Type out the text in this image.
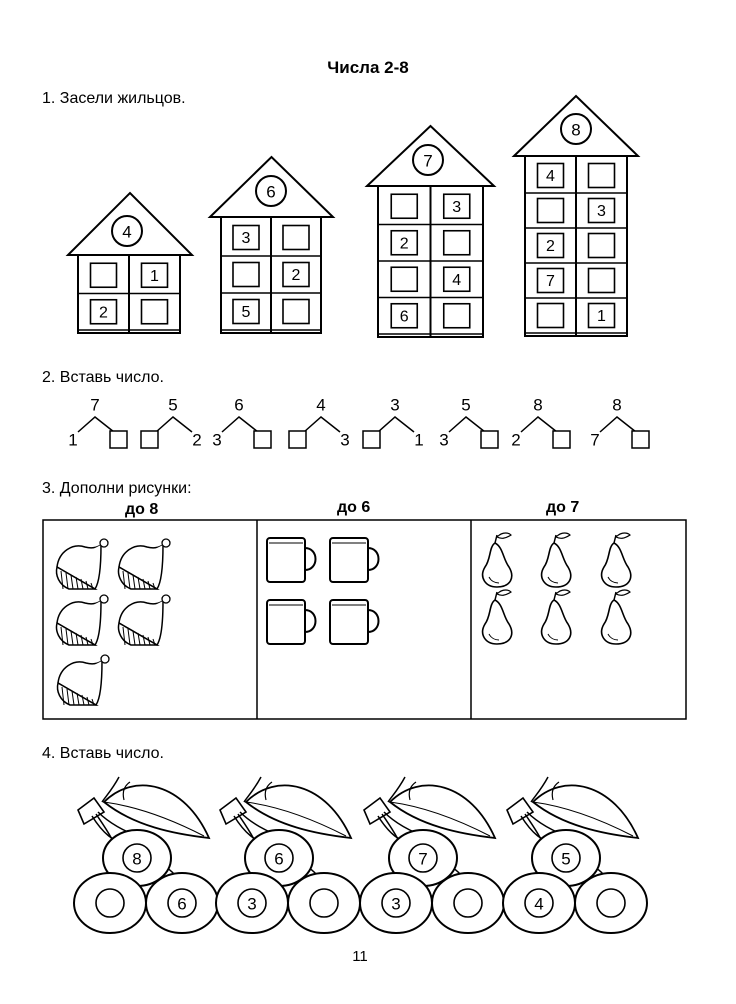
Числа 2-8
1. Засели жильцов.
1
2
4	3
2
5
6
3
2
4
6
7
4
3
2
7
1
8
2. Вставь число.
7
1
5
2
6
3
4
3
3
1
5
3
8
2
8
7
3. Дополни рисунки:
до 8	до 6	до 7
4. Вставь число.
8
6
6
3
7
3
5
4
11
